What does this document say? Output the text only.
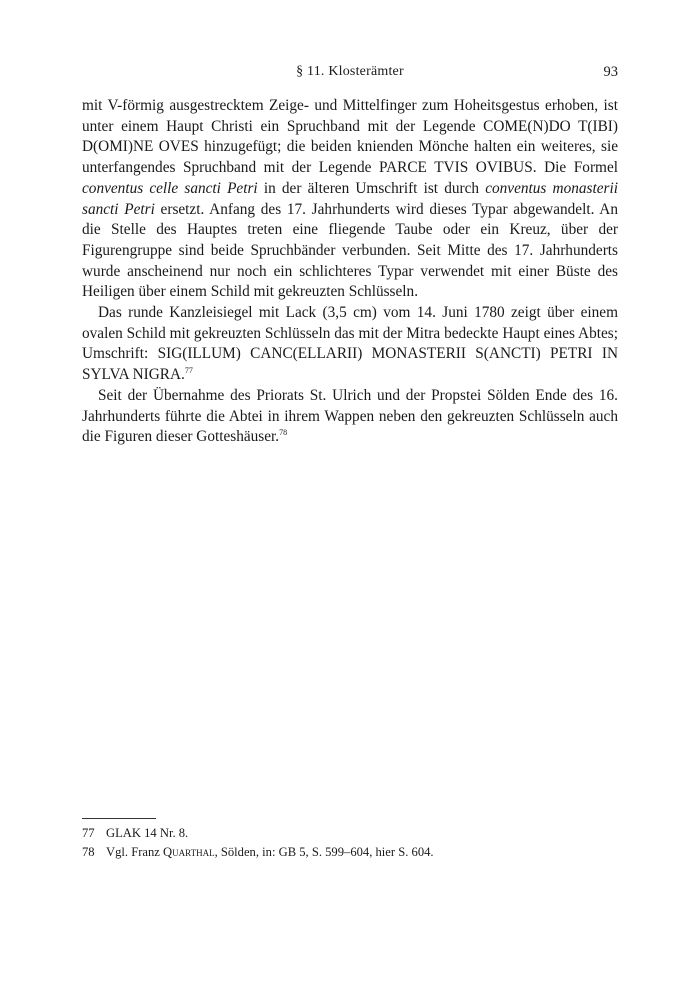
§ 11. Klosterämter	93

mit V-förmig ausgestrecktem Zeige- und Mittelfinger zum Hoheitsgestus erhoben, ist unter einem Haupt Christi ein Spruchband mit der Legende COME(N)DO T(IBI) D(OMI)NE OVES hinzugefügt; die beiden knienden Mönche halten ein weiteres, sie unterfangendes Spruchband mit der Legende PARCE TVIS OVIBUS. Die Formel conventus celle sancti Petri in der älteren Umschrift ist durch conventus monasterii sancti Petri ersetzt. Anfang des 17. Jahrhunderts wird dieses Typar abgewandelt. An die Stelle des Hauptes treten eine fliegende Taube oder ein Kreuz, über der Figurengruppe sind beide Spruchbänder verbunden. Seit Mitte des 17. Jahrhunderts wurde anscheinend nur noch ein schlichteres Typar verwendet mit einer Büste des Heiligen über einem Schild mit gekreuzten Schlüsseln.

Das runde Kanzleisiegel mit Lack (3,5 cm) vom 14. Juni 1780 zeigt über einem ovalen Schild mit gekreuzten Schlüsseln das mit der Mitra bedeckte Haupt eines Abtes; Umschrift: SIG(ILLUM) CANC(ELLARII) MONASTERII S(ANCTI) PETRI IN SYLVA NIGRA.$^{77}$

Seit der Übernahme des Priorats St. Ulrich und der Propstei Sölden Ende des 16. Jahrhunderts führte die Abtei in ihrem Wappen neben den gekreuzten Schlüsseln auch die Figuren dieser Gotteshäuser.$^{78}$

77 GLAK 14 Nr. 8.
78 Vgl. Franz Quarthal, Sölden, in: GB 5, S. 599–604, hier S. 604.
